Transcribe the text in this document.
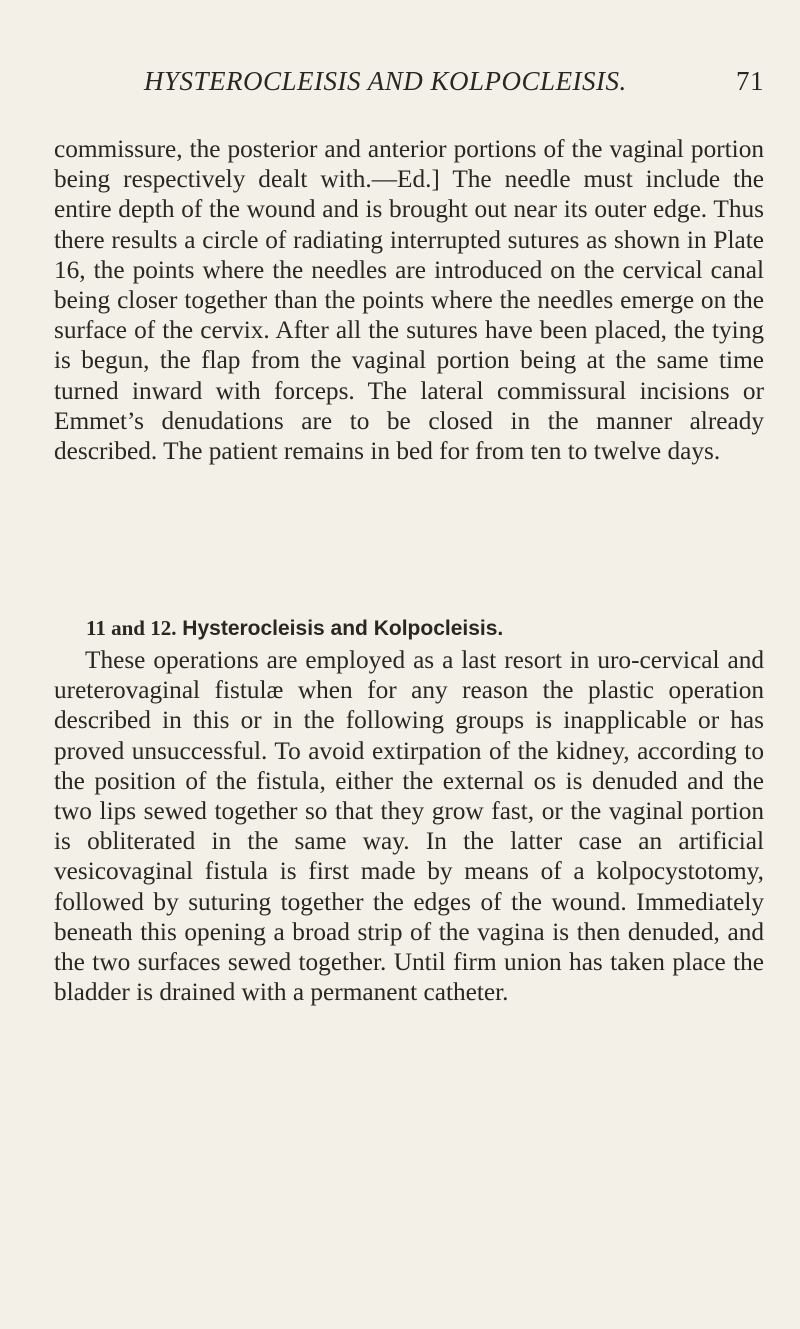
HYSTEROCLEISIS AND KOLPOCLEISIS.	71

commissure, the posterior and anterior portions of the vaginal portion being respectively dealt with.—Ed.] The needle must include the entire depth of the wound and is brought out near its outer edge. Thus there results a circle of radiating interrupted sutures as shown in Plate 16, the points where the needles are introduced on the cervical canal being closer together than the points where the needles emerge on the surface of the cervix. After all the sutures have been placed, the tying is begun, the flap from the vaginal portion being at the same time turned inward with forceps. The lateral commissural incisions or Emmet’s denudations are to be closed in the manner already described. The patient remains in bed for from ten to twelve days.

11 and 12. Hysterocleisis and Kolpocleisis.

These operations are employed as a last resort in uro-cervical and ureterovaginal fistulæ when for any reason the plastic operation described in this or in the following groups is inapplicable or has proved unsuccessful. To avoid extirpation of the kidney, according to the position of the fistula, either the external os is denuded and the two lips sewed together so that they grow fast, or the vaginal portion is obliterated in the same way. In the latter case an artificial vesicovaginal fistula is first made by means of a kolpocystotomy, followed by suturing together the edges of the wound. Immediately beneath this opening a broad strip of the vagina is then denuded, and the two surfaces sewed together. Until firm union has taken place the bladder is drained with a permanent catheter.
